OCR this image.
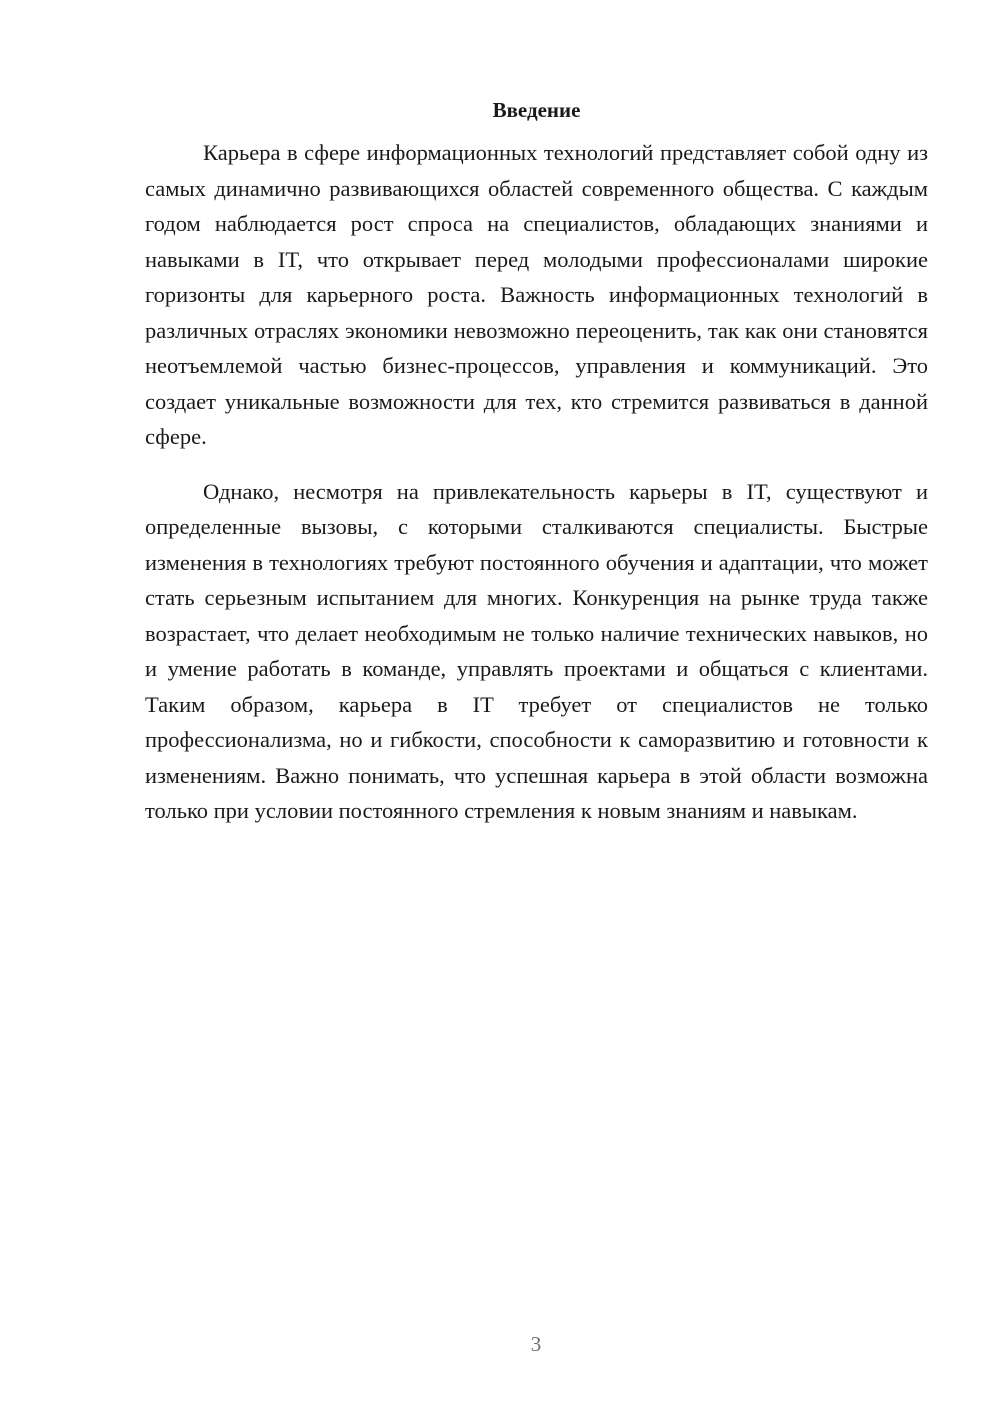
Введение

Карьера в сфере информационных технологий представляет собой одну из самых динамично развивающихся областей современного общества. С каждым годом наблюдается рост спроса на специалистов, обладающих знаниями и навыками в IT, что открывает перед молодыми профессионалами широкие горизонты для карьерного роста. Важность информационных технологий в различных отраслях экономики невозможно переоценить, так как они становятся неотъемлемой частью бизнес-процессов, управления и коммуникаций. Это создает уникальные возможности для тех, кто стремится развиваться в данной сфере.

Однако, несмотря на привлекательность карьеры в IT, существуют и определенные вызовы, с которыми сталкиваются специалисты. Быстрые изменения в технологиях требуют постоянного обучения и адаптации, что может стать серьезным испытанием для многих. Конкуренция на рынке труда также возрастает, что делает необходимым не только наличие технических навыков, но и умение работать в команде, управлять проектами и общаться с клиентами. Таким образом, карьера в IT требует от специалистов не только профессионализма, но и гибкости, способности к саморазвитию и готовности к изменениям. Важно понимать, что успешная карьера в этой области возможна только при условии постоянного стремления к новым знаниям и навыкам.

3
